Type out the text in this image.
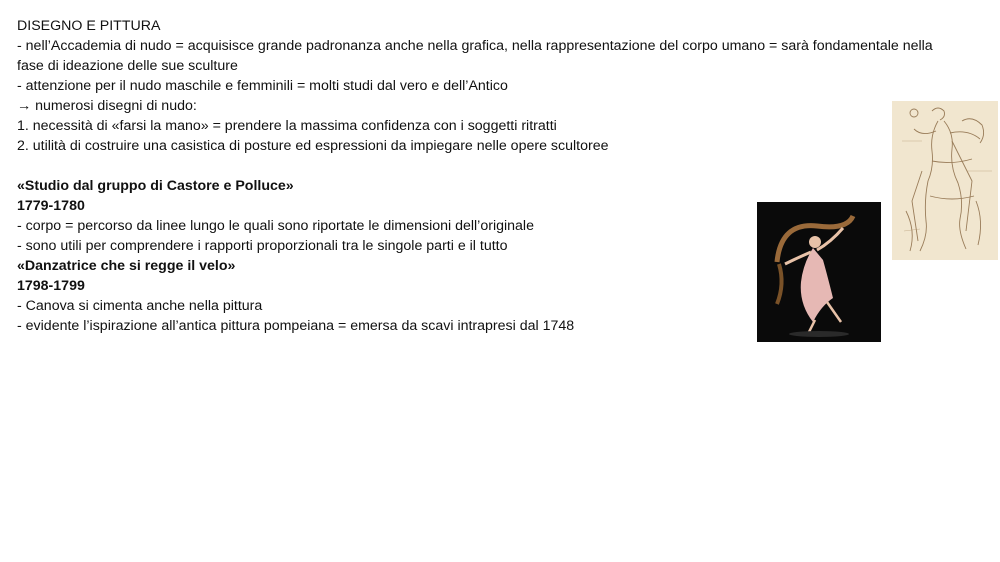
DISEGNO E PITTURA
- nell’Accademia di nudo = acquisisce grande padronanza anche nella grafica, nella rappresentazione del corpo umano = sarà fondamentale nella fase di ideazione delle sue sculture
- attenzione per il nudo maschile e femminili = molti studi dal vero e dell’Antico
→ numerosi disegni di nudo:
1. necessità di «farsi la mano» = prendere la massima confidenza con i soggetti ritratti
2. utilità di costruire una casistica di posture ed espressioni da impiegare nelle opere scultoree
«Studio dal gruppo di Castore e Polluce»
1779-1780
- corpo = percorso da linee lungo le quali sono riportate le dimensioni dell’originale
- sono utili per comprendere i rapporti proporzionali tra le singole parti e il tutto
«Danzatrice che si regge il velo»
1798-1799
- Canova si cimenta anche nella pittura
- evidente l’ispirazione all’antica pittura pompeiana = emersa da scavi intrapresi dal 1748
